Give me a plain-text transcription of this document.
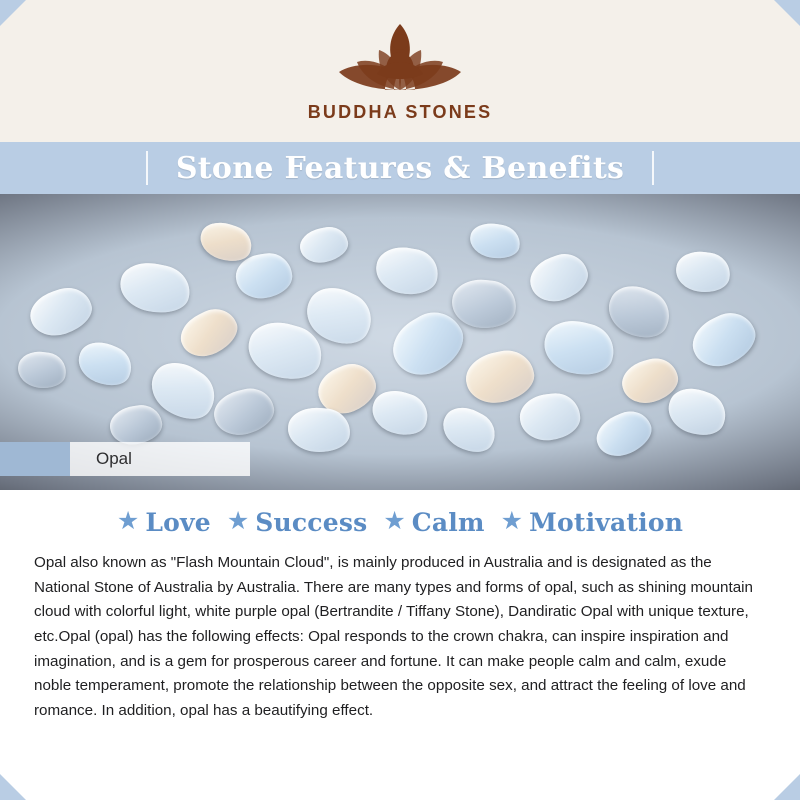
BUDDHA STONES
Stone Features & Benefits
Opal
★ Love ★ Success ★ Calm ★ Motivation
Opal also known as "Flash Mountain Cloud", is mainly produced in Australia and is designated as the National Stone of Australia by Australia. There are many types and forms of opal, such as shining mountain cloud with colorful light, white purple opal (Bertrandite / Tiffany Stone), Dandiratic Opal with unique texture, etc.Opal (opal) has the following effects: Opal responds to the crown chakra, can inspire inspiration and imagination, and is a gem for prosperous career and fortune. It can make people calm and calm, exude noble temperament, promote the relationship between the opposite sex, and attract the feeling of love and romance. In addition, opal has a beautifying effect.
